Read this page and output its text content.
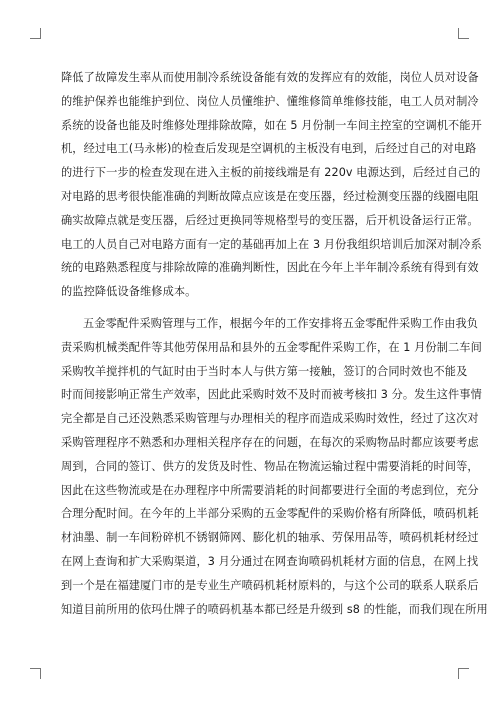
降低了故障发生率从而使用制冷系统设备能有效的发挥应有的效能，岗位人员对设备
的维护保养也能维护到位、岗位人员懂维护、懂维修简单维修技能，电工人员对制冷
系统的设备也能及时维修处理排除故障，如在 5 月份制一车间主控室的空调机不能开
机，经过电工(马永彬)的检查后发现是空调机的主板没有电到，后经过自己的对电路
的进行下一步的检查发现在进入主板的前接线端是有 220v 电源达到，后经过自己的
对电路的思考很快能准确的判断故障点应该是在变压器，经过检测变压器的线圈电阻
确实故障点就是变压器，后经过更换同等规格型号的变压器，后开机设备运行正常。
电工的人员自己对电路方面有一定的基础再加上在 3 月份我组织培训后加深对制冷系
统的电路熟悉程度与排除故障的准确判断性，因此在今年上半年制冷系统有得到有效
的监控降低设备维修成本。
五金零配件采购管理与工作，根据今年的工作安排将五金零配件采购工作由我负
责采购机械类配件等其他劳保用品和县外的五金零配件采购工作，在 1 月份制二车间
采购牧羊搅拌机的气缸时由于当时本人与供方第一接触，签订的合同时效也不能及
时而间接影响正常生产效率，因此此采购时效不及时而被考核扣 3 分。发生这件事情
完全都是自己还没熟悉采购管理与办理相关的程序而造成采购时效性，经过了这次对
采购管理程序不熟悉和办理相关程序存在的问题，在每次的采购物品时都应该要考虑
周到，合同的签订、供方的发货及时性、物品在物流运输过程中需要消耗的时间等，
因此在这些物流或是在办理程序中所需要消耗的时间都要进行全面的考虑到位，充分
合理分配时间。在今年的上半部分采购的五金零配件的采购价格有所降低，喷码机耗
材油墨、制一车间粉碎机不锈钢筛网、膨化机的轴承、劳保用品等，喷码机耗材经过
在网上查询和扩大采购渠道，3 月分通过在网查询喷码机耗材方面的信息，在网上找
到一个是在福建厦门市的是专业生产喷码机耗材原料的，与这个公司的联系人联系后
知道目前所用的依玛仕牌子的喷码机基本都已经是升级到 s8 的性能，而我们现在所用
